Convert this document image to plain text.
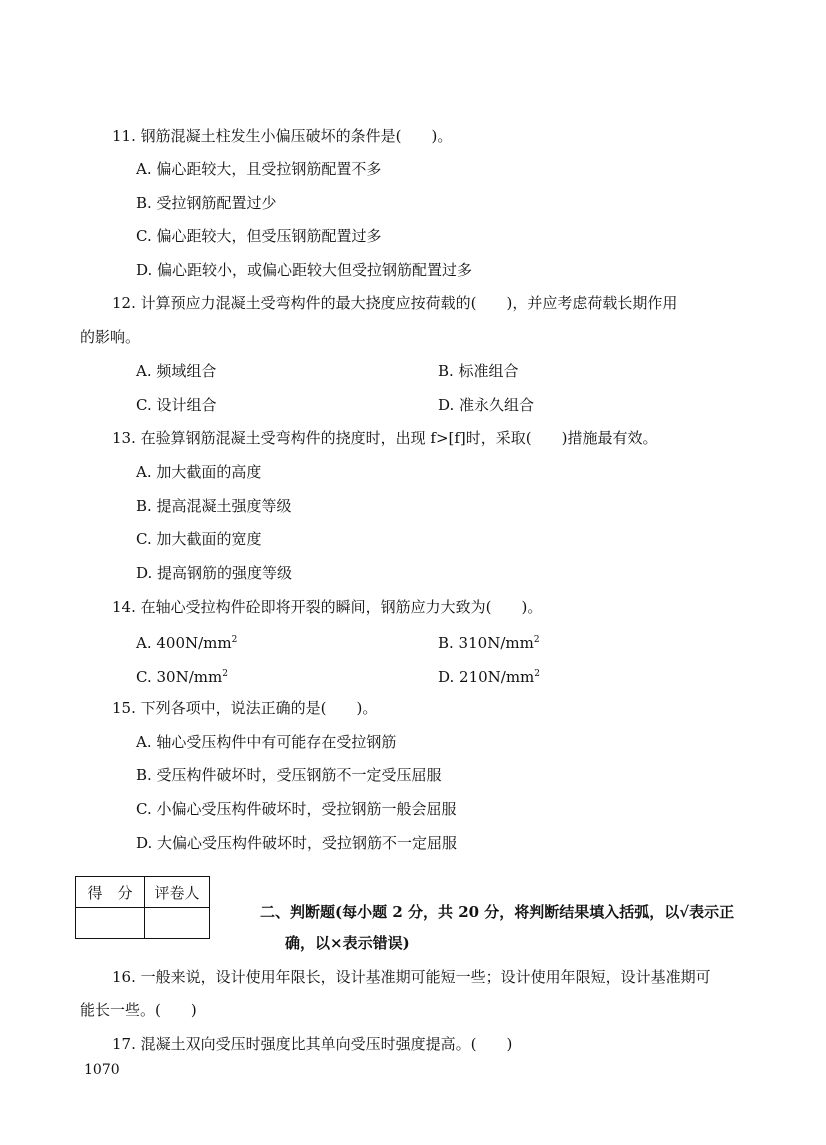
11. 钢筋混凝土柱发生小偏压破坏的条件是(　　)。
A. 偏心距较大，且受拉钢筋配置不多
B. 受拉钢筋配置过少
C. 偏心距较大，但受压钢筋配置过多
D. 偏心距较小，或偏心距较大但受拉钢筋配置过多
12. 计算预应力混凝土受弯构件的最大挠度应按荷载的(　　)，并应考虑荷载长期作用
的影响。
A. 频域组合	B. 标准组合
C. 设计组合	D. 准永久组合
13. 在验算钢筋混凝土受弯构件的挠度时，出现 f>[f]时，采取(　　)措施最有效。
A. 加大截面的高度
B. 提高混凝土强度等级
C. 加大截面的宽度
D. 提高钢筋的强度等级
14. 在轴心受拉构件砼即将开裂的瞬间，钢筋应力大致为(　　)。
A. $400N/mm^2$	B. $310N/mm^2$
C. $30N/mm^2$	D. $210N/mm^2$
15. 下列各项中，说法正确的是(　　)。
A. 轴心受压构件中有可能存在受拉钢筋
B. 受压构件破坏时，受压钢筋不一定受压屈服
C. 小偏心受压构件破坏时，受拉钢筋一般会屈服
D. 大偏心受压构件破坏时，受拉钢筋不一定屈服
得　分	评卷人

二、判断题(每小题 2 分，共 20 分，将判断结果填入括弧，以√表示正
确，以×表示错误)
16. 一般来说，设计使用年限长，设计基准期可能短一些；设计使用年限短，设计基准期可
能长一些。(　　)
17. 混凝土双向受压时强度比其单向受压时强度提高。(　　)
1070
